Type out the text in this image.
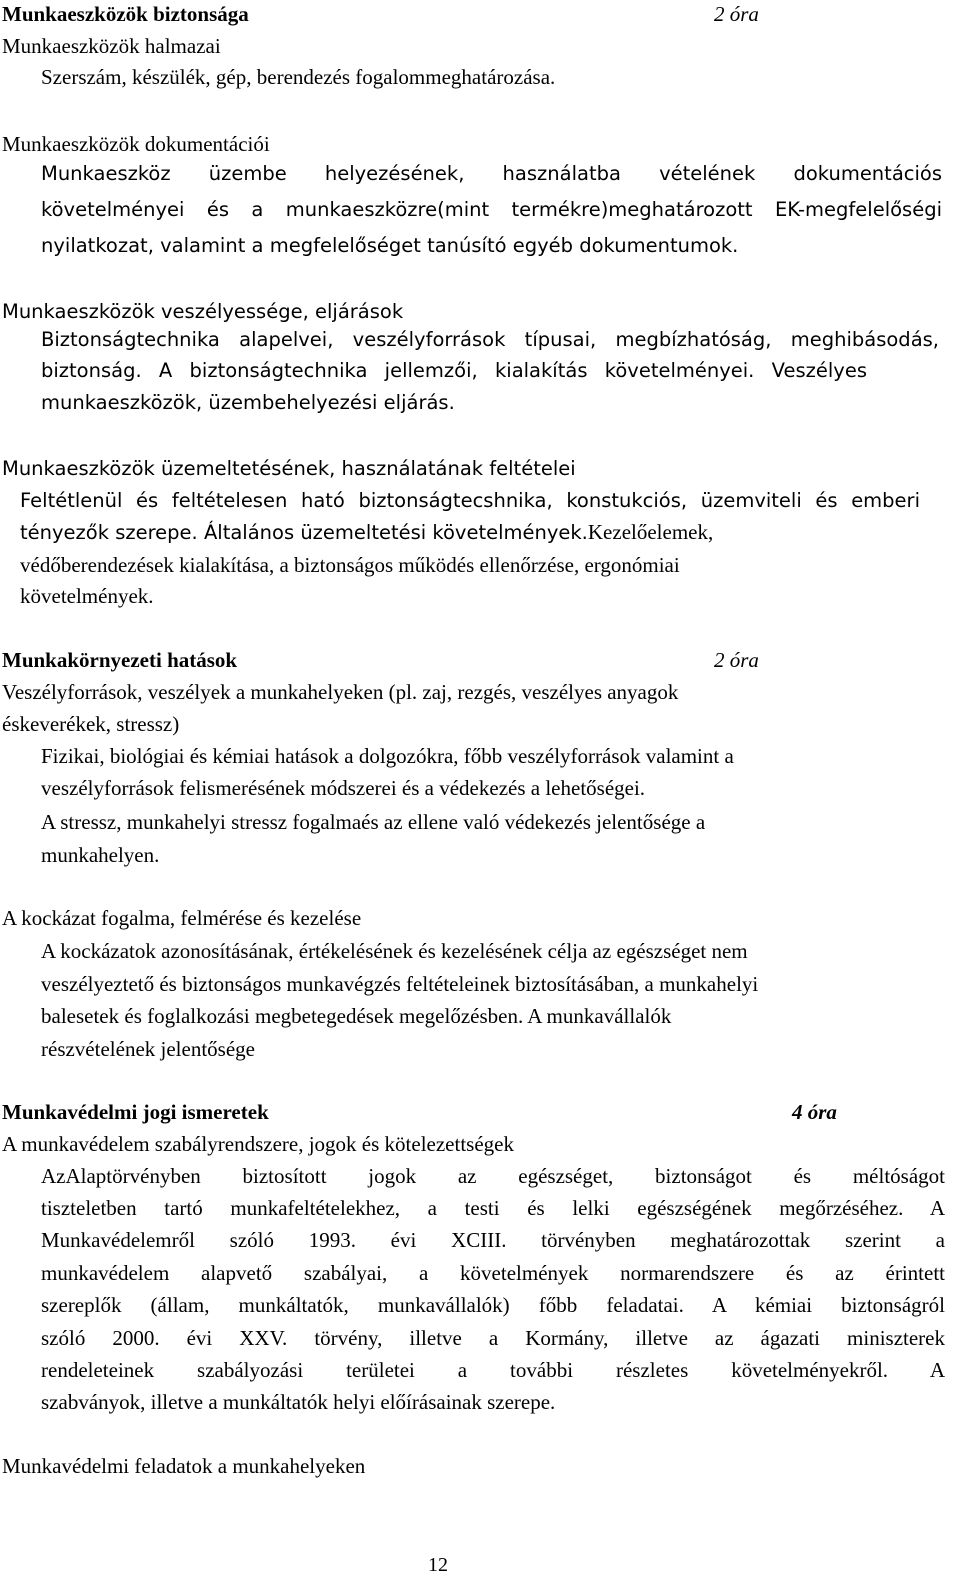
Munkaeszközök biztonsága	2 óra
Munkaeszközök halmazai
Szerszám, készülék, gép, berendezés fogalommeghatározása.
Munkaeszközök dokumentációi
Munkaeszköz üzembe helyezésének, használatba vételének dokumentációs
követelményei és a munkaeszközre(mint termékre)meghatározott EK-megfelelőségi
nyilatkozat, valamint a megfelelőséget tanúsító egyéb dokumentumok.
Munkaeszközök veszélyessége, eljárások
Biztonságtechnika alapelvei, veszélyforrások típusai, megbízhatóság, meghibásodás,
biztonság. A biztonságtechnika jellemzői, kialakítás követelményei. Veszélyes
munkaeszközök, üzembehelyezési eljárás.
Munkaeszközök üzemeltetésének, használatának feltételei
Feltétlenül és feltételesen ható biztonságtecshnika, konstukciós, üzemviteli és emberi
tényezők szerepe. Általános üzemeltetési követelmények.Kezelőelemek,
védőberendezések kialakítása, a biztonságos működés ellenőrzése, ergonómiai
követelmények.
Munkakörnyezeti hatások	2 óra
Veszélyforrások, veszélyek a munkahelyeken (pl. zaj, rezgés, veszélyes anyagok
éskeverékek, stressz)
Fizikai, biológiai és kémiai hatások a dolgozókra, főbb veszélyforrások valamint a
veszélyforrások felismerésének módszerei és a védekezés a lehetőségei.
A stressz, munkahelyi stressz fogalmaés az ellene való védekezés jelentősége a
munkahelyen.
A kockázat fogalma, felmérése és kezelése
A kockázatok azonosításának, értékelésének és kezelésének célja az egészséget nem
veszélyeztető és biztonságos munkavégzés feltételeinek biztosításában, a munkahelyi
balesetek és foglalkozási megbetegedések megelőzésben. A munkavállalók
részvételének jelentősége
Munkavédelmi jogi ismeretek	4 óra
A munkavédelem szabályrendszere, jogok és kötelezettségek
AzAlaptörvényben biztosított jogok az egészséget, biztonságot és méltóságot
tiszteletben tartó munkafeltételekhez, a testi és lelki egészségének megőrzéséhez. A
Munkavédelemről szóló 1993. évi XCIII. törvényben meghatározottak szerint a
munkavédelem alapvető szabályai, a követelmények normarendszere és az érintett
szereplők (állam, munkáltatók, munkavállalók) főbb feladatai. A kémiai biztonságról
szóló 2000. évi XXV. törvény, illetve a Kormány, illetve az ágazati miniszterek
rendeleteinek szabályozási területei a további részletes követelményekről. A
szabványok, illetve a munkáltatók helyi előírásainak szerepe.
Munkavédelmi feladatok a munkahelyeken
12
